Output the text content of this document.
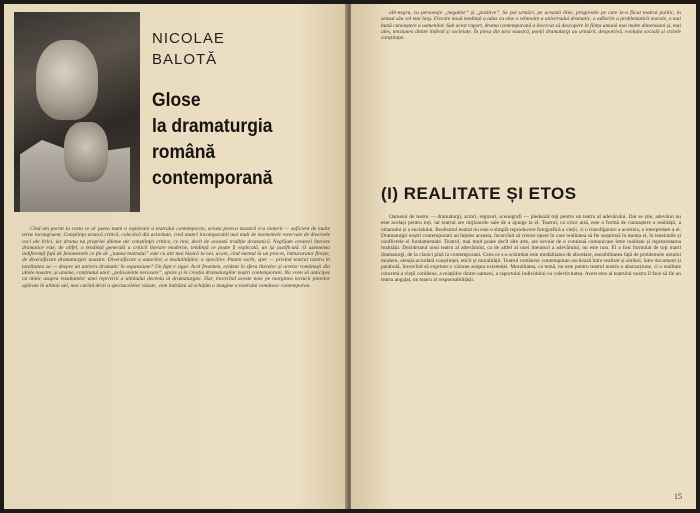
NICOLAE
BALOTĂ
Glose
la dramaturgia
română
contemporană

Cînd am pornit la cesta ce ar putea numi o explorare a teatrului contemporan, acesta pereca noastră n-a nimerit — suficient de multe terne incongruent. Conștiința aruncă critică, colectivă din activitate, cred atunci incomparabil mai mult de momentele rezervate de diversele voci ale lirici, iar drama nu propriei dileme ale conștiinței critice, ce tine, decît de această tradiție dramatică. Neglijam creatori literare dramatice este, de altfel, o tendință generală a criticii literare moderne, tendință ce poate fi explicată, un își justificată. O asemenea indiferență față de fenomenele ce țin de „lumea teatrului” este cu atit mai bizară la noi, acum, cînd mentul la un proces, îmbucurator firește, de diversificare dramaturgiei noastre. Diversificare a autorilor, a modalităților, a speciilor. Putem vorbi, sper — privind teatrul nostru în totalitatea sa — despre un univers dramatic în expansiune? Un fapt e sigar. Acel fenomen, evident în sfera literelor și artelor românești din ultele noastre, și anume, conținutul unor „polivalente necesare”, apare și în creația dramaturgilor noștri contemporani. Nu vrem să anticipez cu nimic asupra rezultatelor unei reprivirii a ultimului deceniu al dramaturgiei. Dar, încercînd aceste note pe marginea lecturii pieselor apărute în ultimii ani, mai curînd decit a spectacolelor văzute, vom îndrăzni să schițăm o imagine a teatrului românesc contemporan.

alb-negru, cu personaje „negative” și „pozitive”. Se pot urmări, pe această linie, progresele pe care le-a făcut teatrul politic, în sensul său cel mai larg. Fiecare nouă tendință a adus cu sine o reînnoire a universului dramatic, o adîncire a problematicii morale, o mai bună cunoaștere a oamenilor. Sub acest raport, drama contemporană a încercat să descopere în ființa umană mai multe dimensiuni și, mai ales, tensiunea dintre individ și societate. În piesa din țara noastră, poeții dramaturgi au urmărit, deopotrivă, evoluția socială și crizele conștiinței.

(I) REALITATE ȘI ETOS

Oamenii de teatru — dramaturgi, actori, regizori, scenografi — pledează toți pentru un teatru al adevărului. Dar se știe, adevărul nu este același pentru toți, iar teatrul are mijloacele sale de a ajunge la el. Teatrul, ca orice artă, este o formă de cunoaștere a realității, a umanului și a socialului. Realismul teatral nu este o simplă reproducere fotografică a vieții, ci o transfigurare a acesteia, o interpretare a ei. Dramaturgii noștri contemporani au înțeles aceasta, încercînd să creeze opere în care realitatea să fie surprinsă în esența ei, în tensiunile și conflictele ei fundamentale. Teatrul, mai mult poate decît alte arte, are nevoie de o continuă comunicare între realitate și reprezentarea realității. Dezideratul unui teatru al adevărului, ca de altfel al unei literaturi a adevărului, nu este nou. El a fost formulat de toți marii dramaturgi, de la clasici pînă la contemporani. Ceea ce s-a schimbat este modalitatea de abordare, sensibilitatea față de problemele omului modern, atenția acordată conștiinței, eticii și moralității. Teatrul românesc contemporan oscilează între realism și simbol, între document și parabolă, încercînd să exprime o viziune asupra existenței. Moralitatea, ca temă, nu este pentru teatrul nostru o abstracțiune, ci o realitate concretă a vieții cotidiene, a relațiilor dintre oameni, a raportului individului cu colectivitatea. Acest etos al teatrului nostru îl face să fie un teatru angajat, un teatru al responsabilității.

15
